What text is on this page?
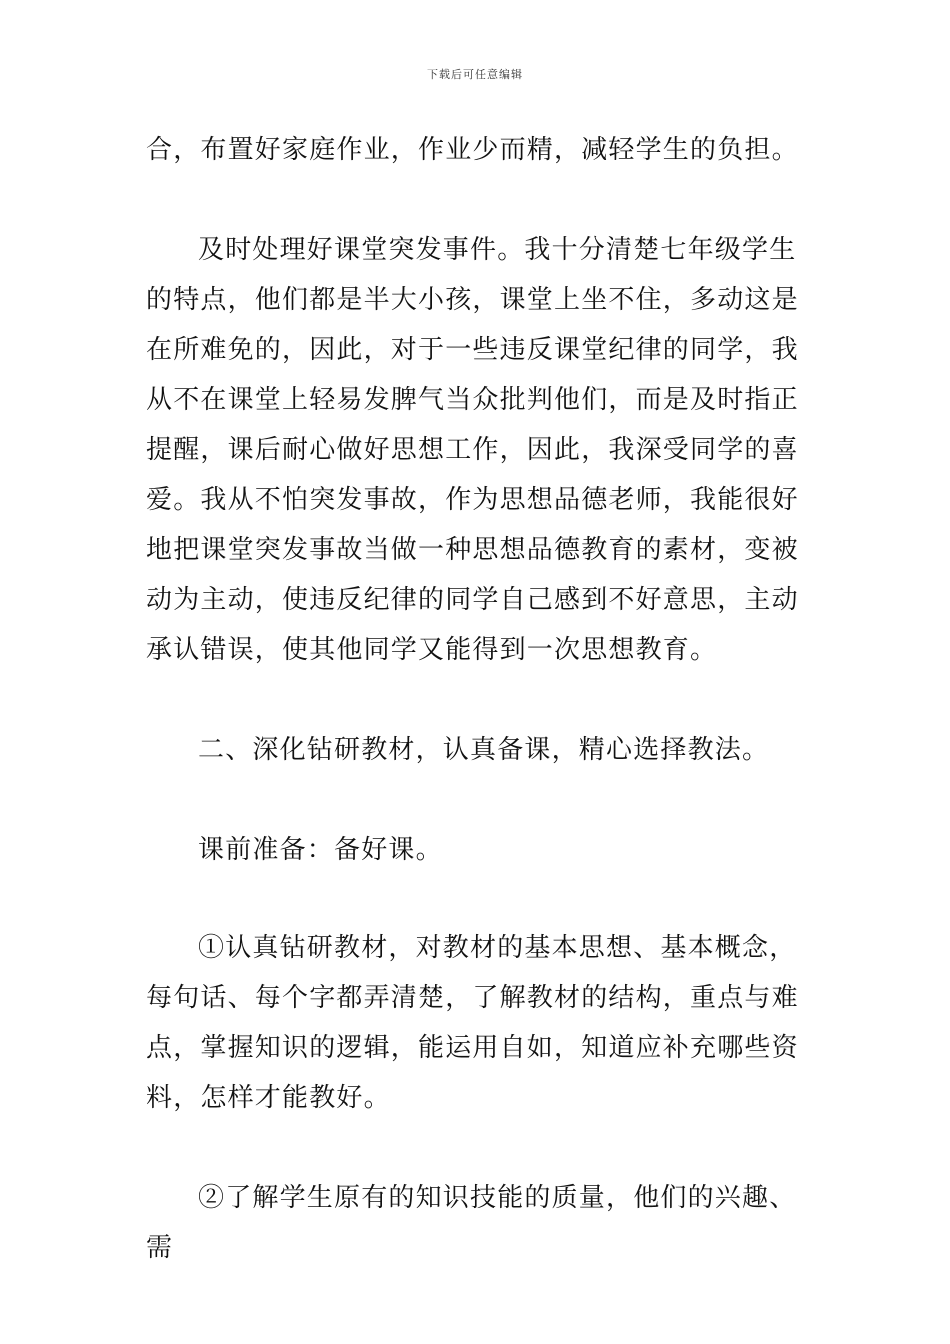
下载后可任意编辑

合，布置好家庭作业，作业少而精，减轻学生的负担。

及时处理好课堂突发事件。我十分清楚七年级学生的特点，他们都是半大小孩，课堂上坐不住，多动这是在所难免的，因此，对于一些违反课堂纪律的同学，我从不在课堂上轻易发脾气当众批判他们，而是及时指正提醒，课后耐心做好思想工作，因此，我深受同学的喜爱。我从不怕突发事故，作为思想品德老师，我能很好地把课堂突发事故当做一种思想品德教育的素材，变被动为主动，使违反纪律的同学自己感到不好意思，主动承认错误，使其他同学又能得到一次思想教育。

二、深化钻研教材，认真备课，精心选择教法。

课前准备：备好课。

①认真钻研教材，对教材的基本思想、基本概念，每句话、每个字都弄清楚，了解教材的结构，重点与难点，掌握知识的逻辑，能运用自如，知道应补充哪些资料，怎样才能教好。

②了解学生原有的知识技能的质量，他们的兴趣、需
